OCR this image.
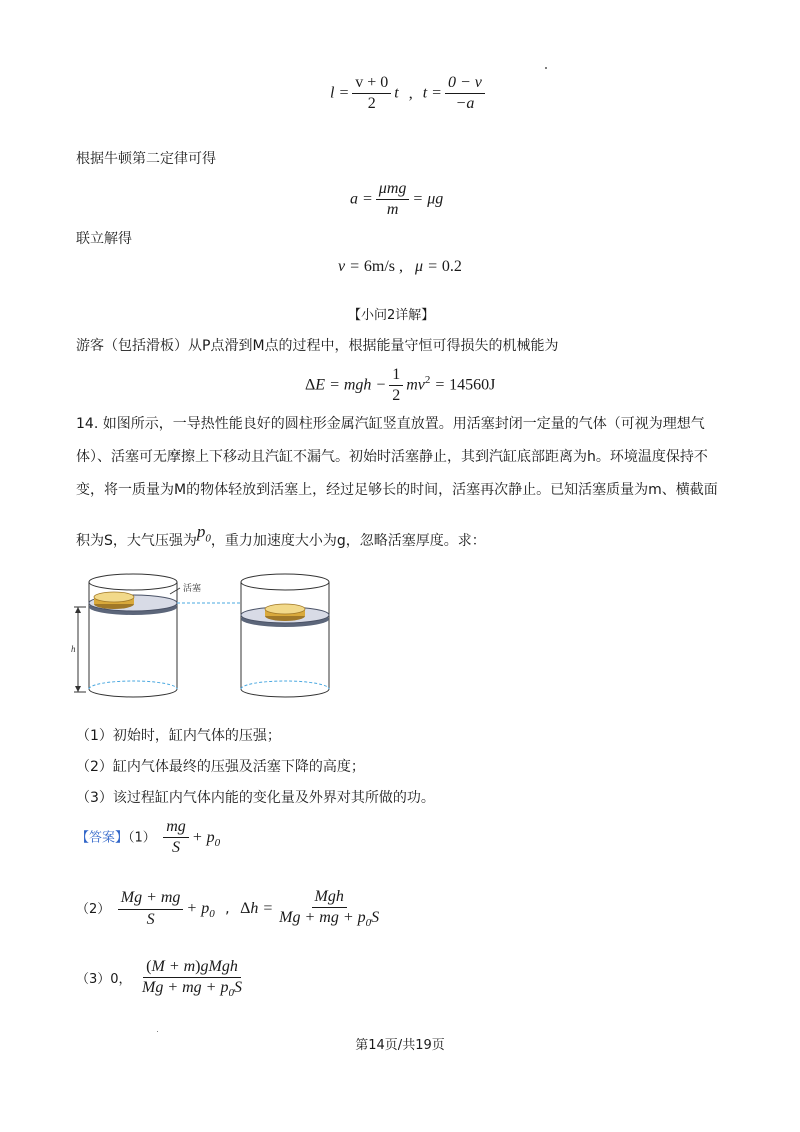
$l = \frac{v + 0}{2}$ t , $t = \frac{0 - v}{-a}$
根据牛顿第二定律可得
$a = \frac{\text{μmg}}{m} = \mu g$
联立解得
v = 6m/s , μ = 0.2
【小问2详解】
游客（包括滑板）从P点滑到M点的过程中，根据能量守恒可得损失的机械能为
ΔE = mgh − $\frac{1}{2} mv^2 = 14560J$
14. 如图所示，一导热性能良好的圆柱形金属汽缸竖直放置。用活塞封闭一定量的气体（可视为理想气
体）、活塞可无摩擦上下移动且汽缸不漏气。初始时活塞静止，其到汽缸底部距离为h。环境温度保持不
变，将一质量为M的物体轻放到活塞上，经过足够长的时间，活塞再次静止。已知活塞质量为m、横截面
积为S，大气压强为$p_0$，重力加速度大小为g，忽略活塞厚度。求：
活塞
h
（1）初始时，缸内气体的压强；
（2）缸内气体最终的压强及活塞下降的高度；
（3）该过程缸内气体内能的变化量及外界对其所做的功。
【答案】$(1) \frac{mg}{S} + p_0$
$(2) \frac{Mg + mg}{S} + p_0$ , $\Delta h = \frac{\text{Mgh}}{Mg + mg + p_0S}$
（3）0， $\frac{\text{(M + m)gMgh}}{Mg + mg + p_0S}$
第14页/共19页
